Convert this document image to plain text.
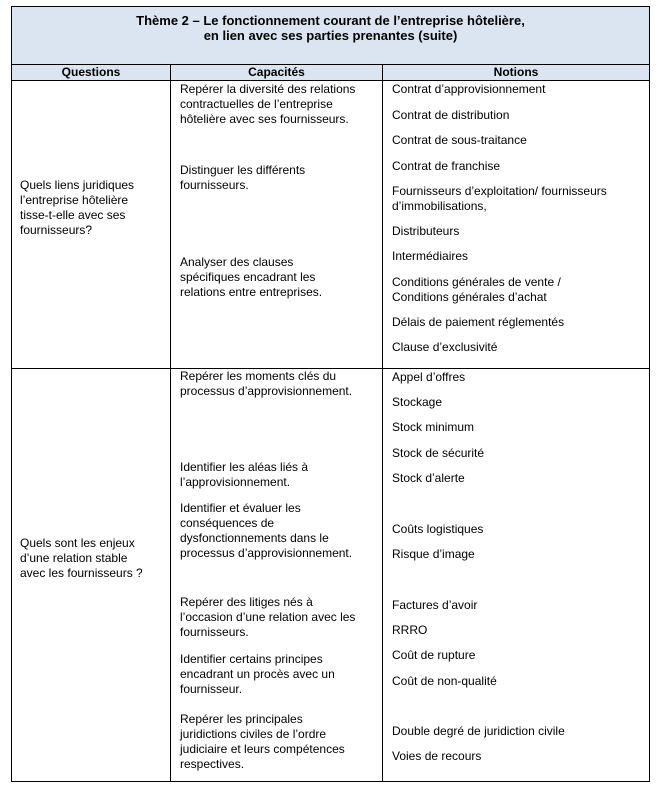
Thème 2 – Le fonctionnement courant de l’entreprise hôtelière,
en lien avec ses parties prenantes (suite)
Questions	Capacités	Notions
Quels liens juridiques
l’entreprise hôtelière
tisse-t-elle avec ses
fournisseurs?
Repérer la diversité des relations
contractuelles de l’entreprise
hôtelière avec ses fournisseurs.
Distinguer les différents
fournisseurs.
Analyser des clauses
spécifiques encadrant les
relations entre entreprises.
Contrat d’approvisionnement
Contrat de distribution
Contrat de sous-traitance
Contrat de franchise
Fournisseurs d’exploitation/ fournisseurs
d’immobilisations,
Distributeurs
Intermédiaires
Conditions générales de vente /
Conditions générales d’achat
Délais de paiement réglementés
Clause d’exclusivité
Quels sont les enjeux
d’une relation stable
avec les fournisseurs ?
Repérer les moments clés du
processus d’approvisionnement.
Identifier les aléas liés à
l’approvisionnement.
Identifier et évaluer les
conséquences de
dysfonctionnements dans le
processus d’approvisionnement.
Repérer des litiges nés à
l’occasion d’une relation avec les
fournisseurs.
Identifier certains principes
encadrant un procès avec un
fournisseur.
Repérer les principales
juridictions civiles de l’ordre
judiciaire et leurs compétences
respectives.
Appel d’offres
Stockage
Stock minimum
Stock de sécurité
Stock d’alerte
Coûts logistiques
Risque d’image
Factures d’avoir
RRRO
Coût de rupture
Coût de non-qualité
Double degré de juridiction civile
Voies de recours
